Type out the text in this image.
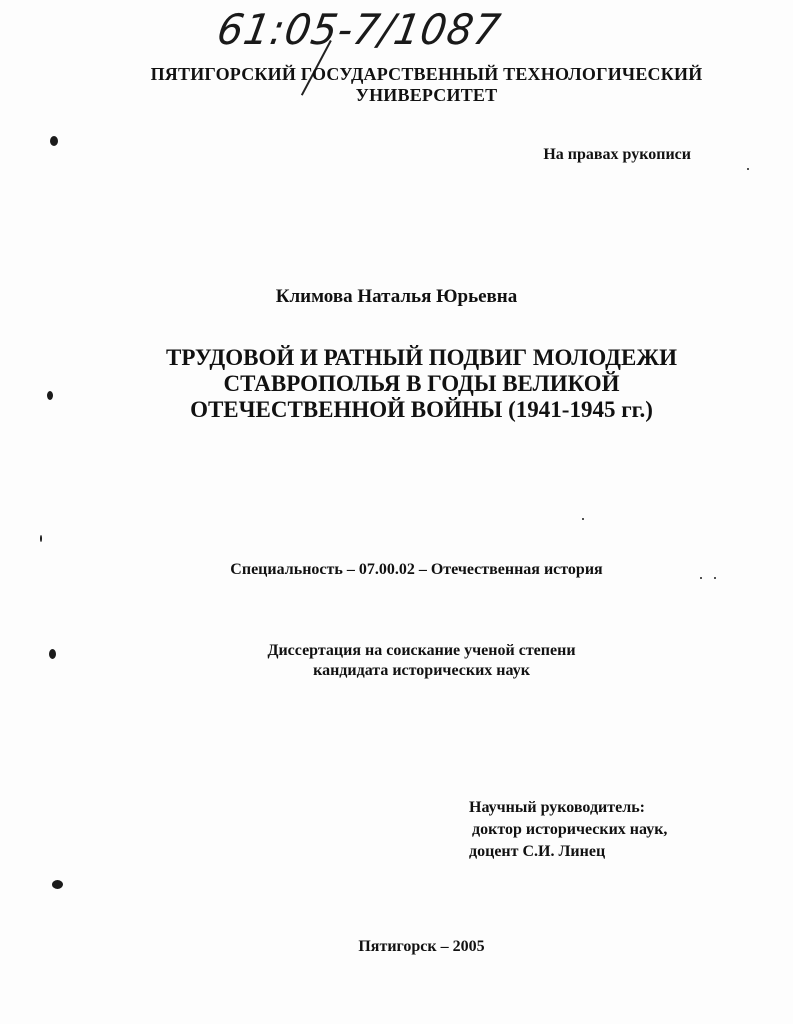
61:05-7/1087
ПЯТИГОРСКИЙ ГОСУДАРСТВЕННЫЙ ТЕХНОЛОГИЧЕСКИЙ
УНИВЕРСИТЕТ
На правах рукописи
Климова Наталья Юрьевна
ТРУДОВОЙ И РАТНЫЙ ПОДВИГ МОЛОДЕЖИ
СТАВРОПОЛЬЯ В ГОДЫ ВЕЛИКОЙ
ОТЕЧЕСТВЕННОЙ ВОЙНЫ (1941-1945 гг.)
Специальность – 07.00.02 – Отечественная история
Диссертация на соискание ученой степени
кандидата исторических наук
Научный руководитель:
доктор исторических наук,
доцент С.И. Линец
Пятигорск – 2005
